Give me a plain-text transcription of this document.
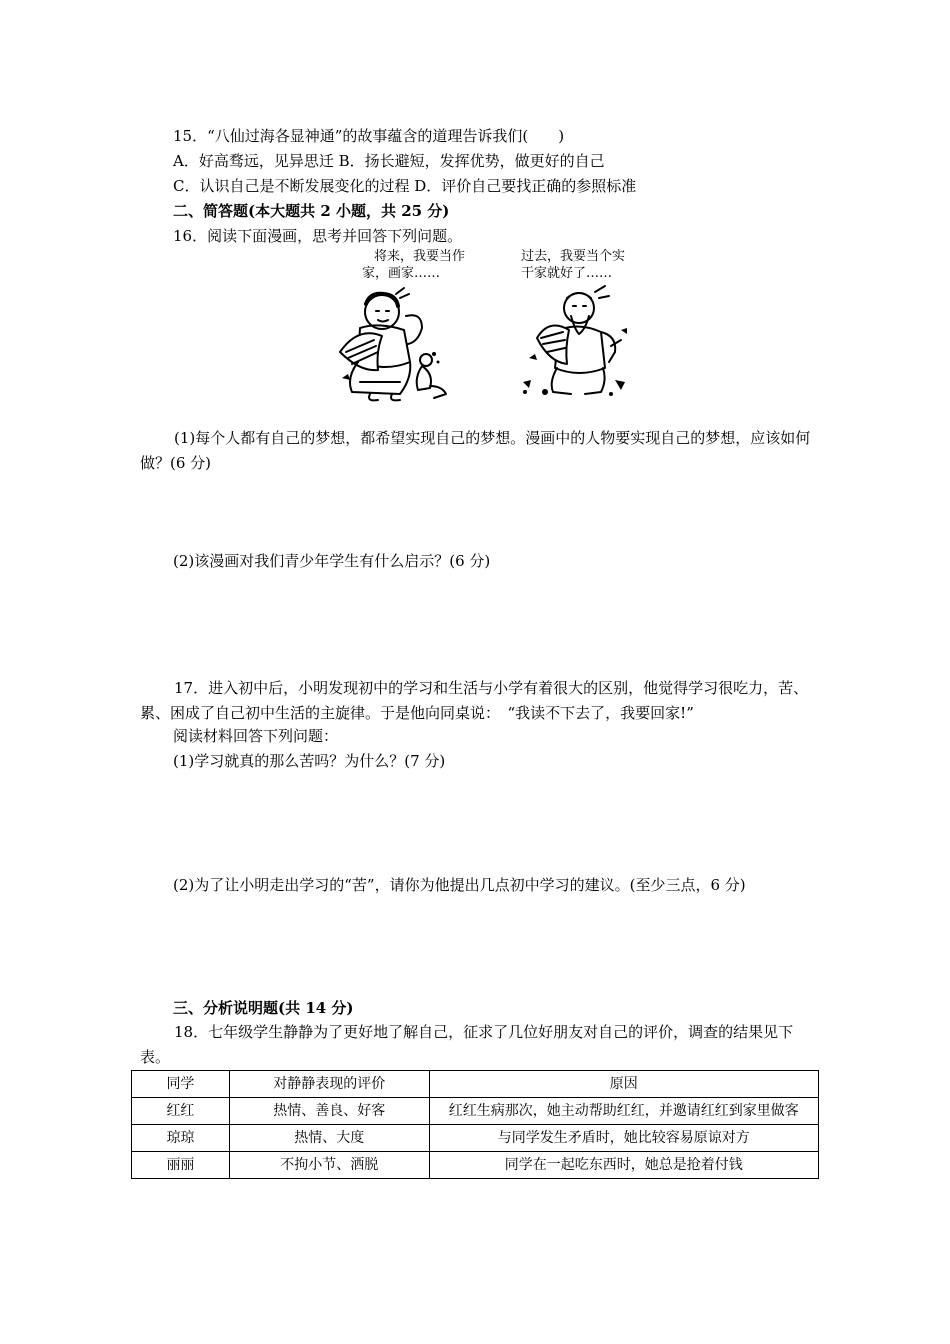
15．“八仙过海各显神通”的故事蕴含的道理告诉我们(　　)
A．好高骛远，见异思迁 B．扬长避短，发挥优势，做更好的自己
C．认识自己是不断发展变化的过程 D．评价自己要找正确的参照标准
二、简答题(本大题共 2 小题，共 25 分)
16．阅读下面漫画，思考并回答下列问题。
将来，我要当作
家，画家……
过去，我要当个实
干家就好了……
(1)每个人都有自己的梦想，都希望实现自己的梦想。漫画中的人物要实现自己的梦想，应该如何做？(6 分)
(2)该漫画对我们青少年学生有什么启示？(6 分)
17．进入初中后，小明发现初中的学习和生活与小学有着很大的区别，他觉得学习很吃力，苦、累、困成了自己初中生活的主旋律。于是他向同桌说：　“我读不下去了，我要回家!”
阅读材料回答下列问题：
(1)学习就真的那么苦吗？为什么？(7 分)
(2)为了让小明走出学习的“苦”，请你为他提出几点初中学习的建议。(至少三点，6 分)
三、分析说明题(共 14 分)
18．七年级学生静静为了更好地了解自己，征求了几位好朋友对自己的评价，调查的结果见下表。
同学	对静静表现的评价	原因
红红	热情、善良、好客	红红生病那次，她主动帮助红红，并邀请红红到家里做客
琼琼	热情、大度	与同学发生矛盾时，她比较容易原谅对方
丽丽	不拘小节、洒脱	同学在一起吃东西时，她总是抢着付钱
